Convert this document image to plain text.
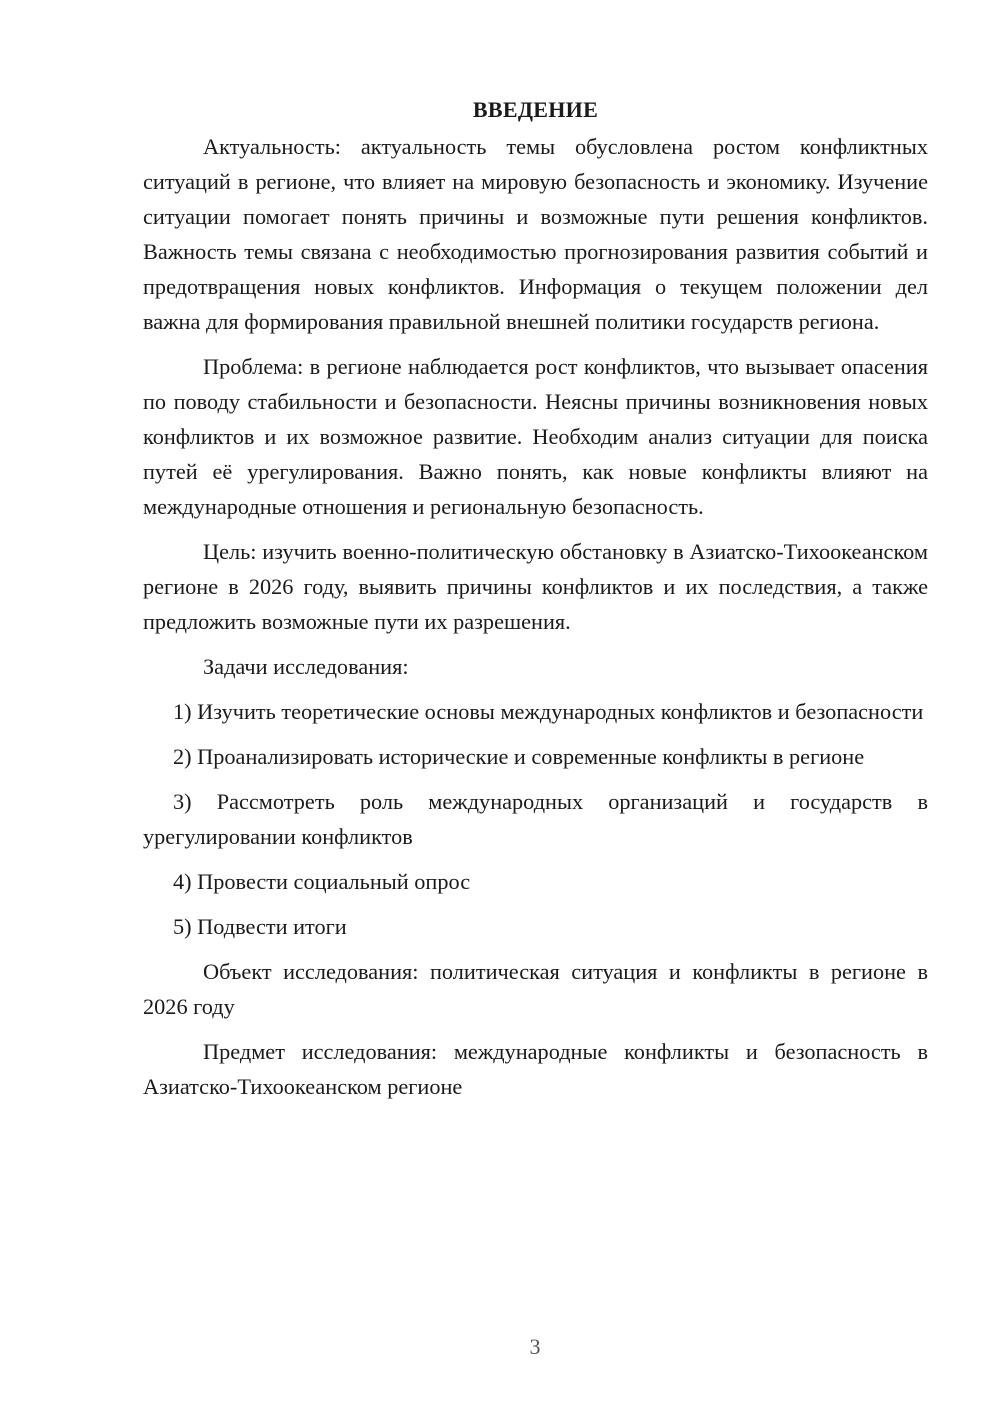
ВВЕДЕНИЕ

Актуальность: актуальность темы обусловлена ростом конфликтных ситуаций в регионе, что влияет на мировую безопасность и экономику. Изучение ситуации помогает понять причины и возможные пути решения конфликтов. Важность темы связана с необходимостью прогнозирования развития событий и предотвращения новых конфликтов. Информация о текущем положении дел важна для формирования правильной внешней политики государств региона.

Проблема: в регионе наблюдается рост конфликтов, что вызывает опасения по поводу стабильности и безопасности. Неясны причины возникновения новых конфликтов и их возможное развитие. Необходим анализ ситуации для поиска путей её урегулирования. Важно понять, как новые конфликты влияют на международные отношения и региональную безопасность.

Цель: изучить военно-политическую обстановку в Азиатско-Тихоокеанском регионе в 2026 году, выявить причины конфликтов и их последствия, а также предложить возможные пути их разрешения.

Задачи исследования:

1) Изучить теоретические основы международных конфликтов и безопасности

2) Проанализировать исторические и современные конфликты в регионе

3) Рассмотреть роль международных организаций и государств в урегулировании конфликтов

4) Провести социальный опрос

5) Подвести итоги

Объект исследования: политическая ситуация и конфликты в регионе в 2026 году

Предмет исследования: международные конфликты и безопасность в Азиатско-Тихоокеанском регионе

3
